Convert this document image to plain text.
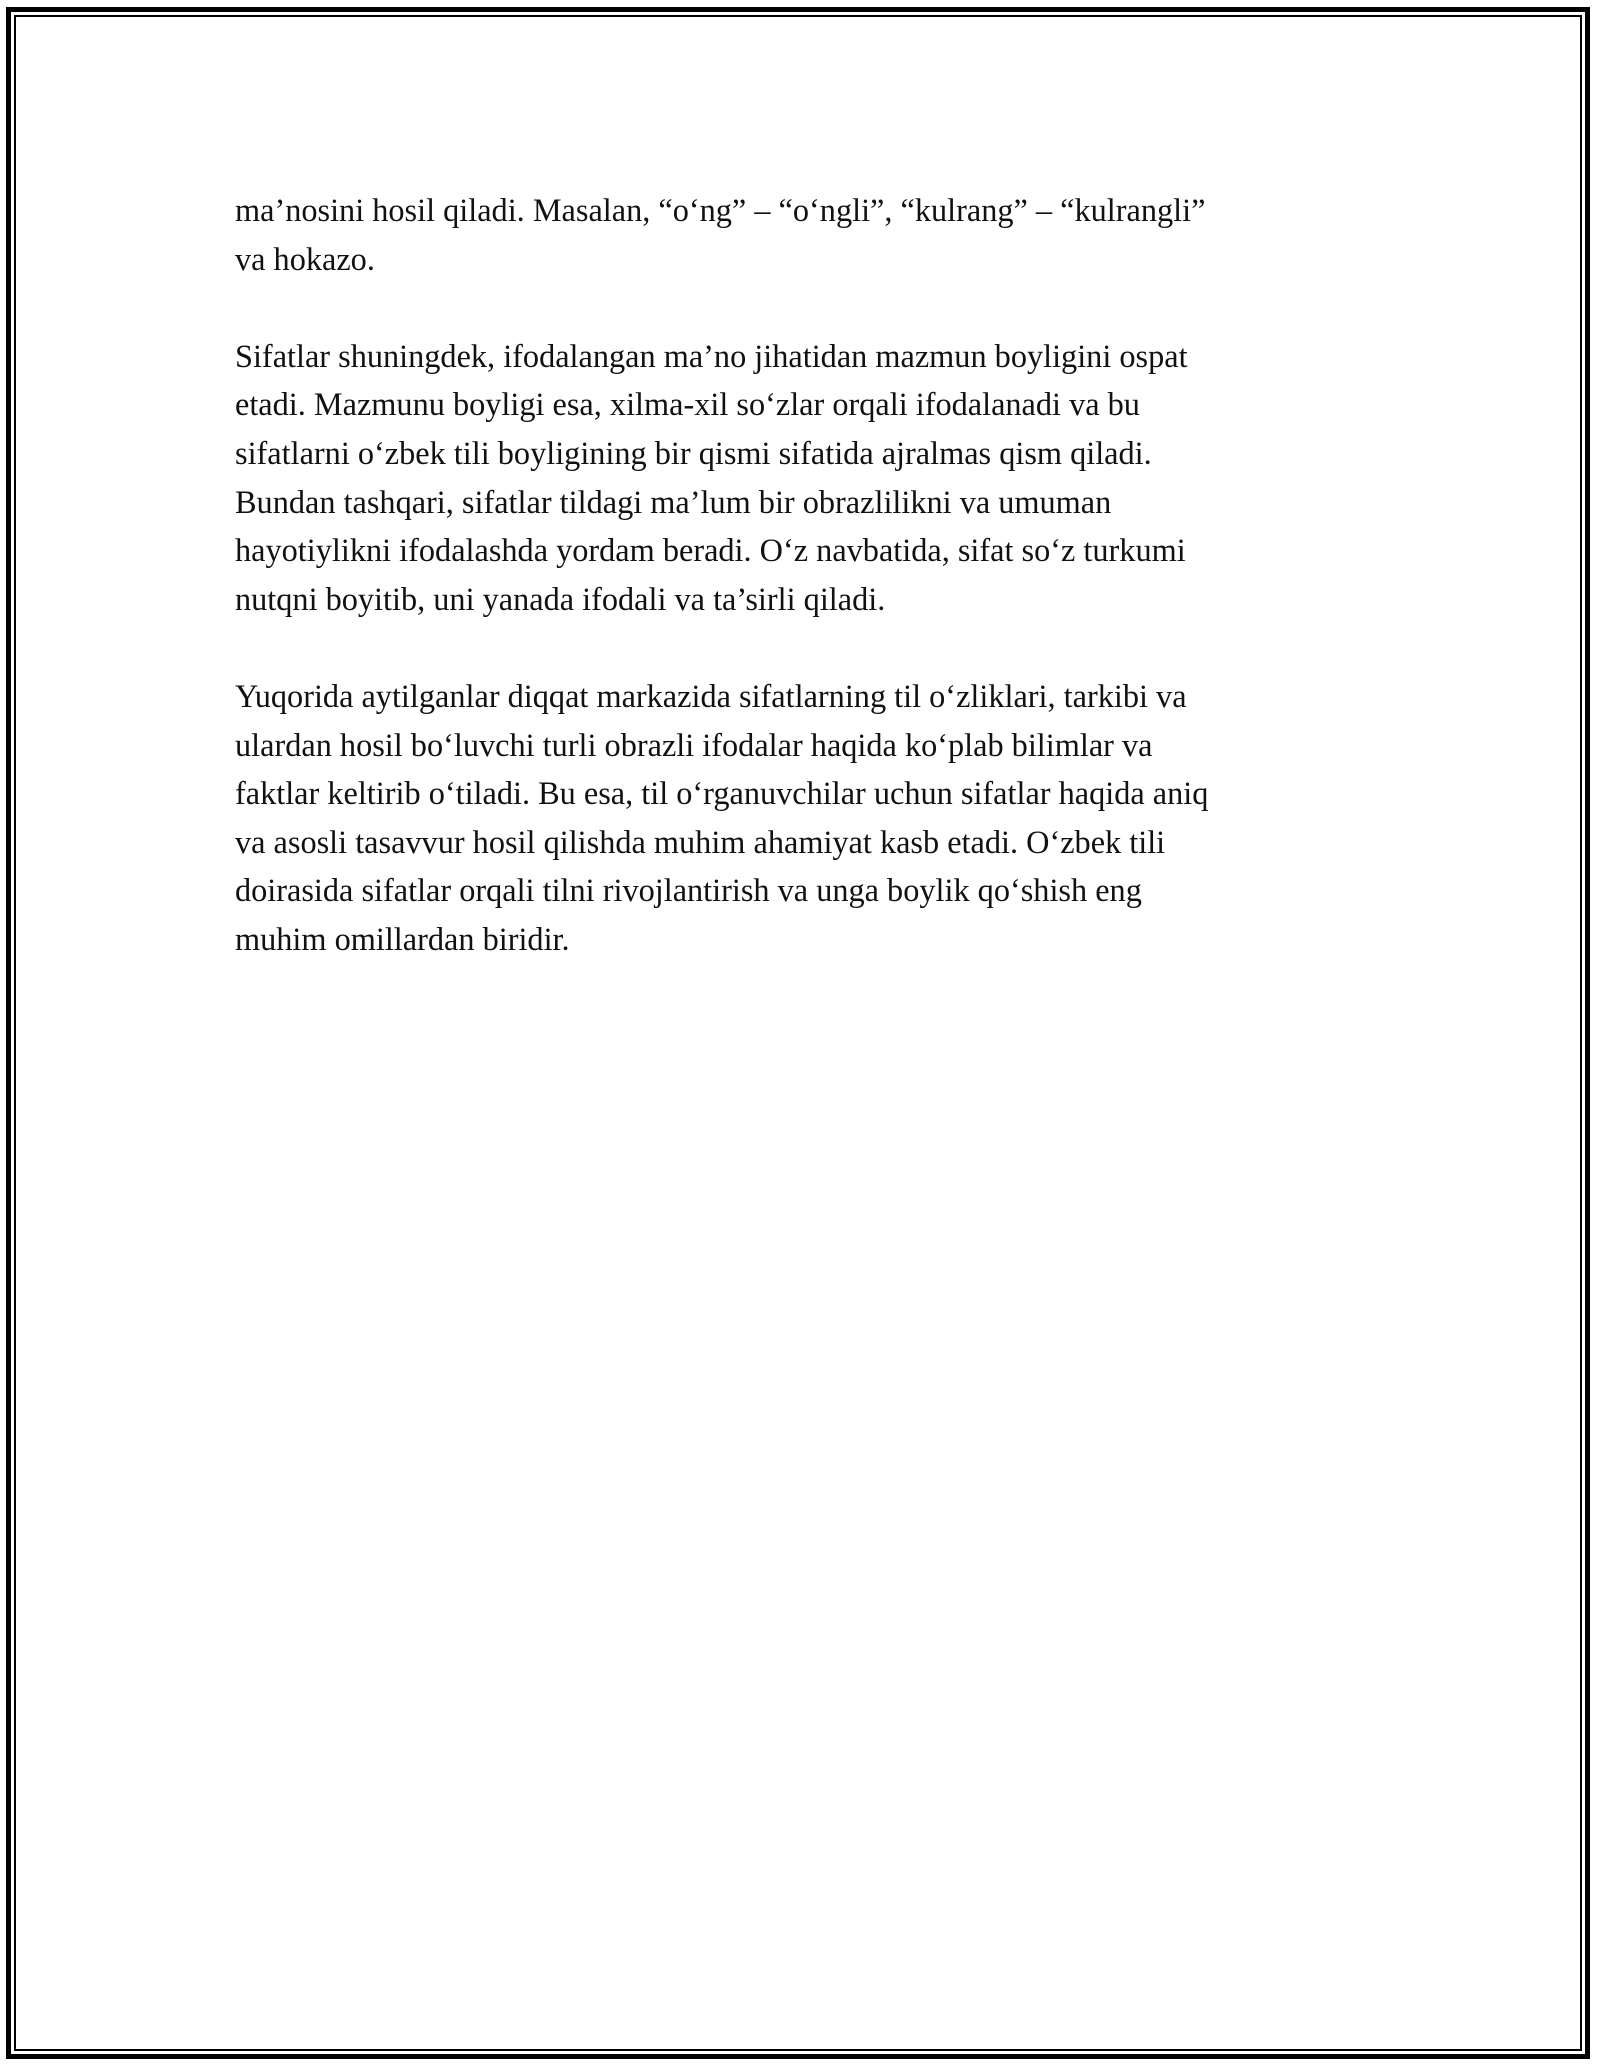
ma’nosini hosil qiladi. Masalan, “o‘ng” – “o‘ngli”, “kulrang” – “kulrangli”
va hokazo.

Sifatlar shuningdek, ifodalangan ma’no jihatidan mazmun boyligini ospat
etadi. Mazmunu boyligi esa, xilma-xil so‘zlar orqali ifodalanadi va bu
sifatlarni o‘zbek tili boyligining bir qismi sifatida ajralmas qism qiladi.
Bundan tashqari, sifatlar tildagi ma’lum bir obrazlilikni va umuman
hayotiylikni ifodalashda yordam beradi. O‘z navbatida, sifat so‘z turkumi
nutqni boyitib, uni yanada ifodali va ta’sirli qiladi.

Yuqorida aytilganlar diqqat markazida sifatlarning til o‘zliklari, tarkibi va
ulardan hosil bo‘luvchi turli obrazli ifodalar haqida ko‘plab bilimlar va
faktlar keltirib o‘tiladi. Bu esa, til o‘rganuvchilar uchun sifatlar haqida aniq
va asosli tasavvur hosil qilishda muhim ahamiyat kasb etadi. O‘zbek tili
doirasida sifatlar orqali tilni rivojlantirish va unga boylik qo‘shish eng
muhim omillardan biridir.
